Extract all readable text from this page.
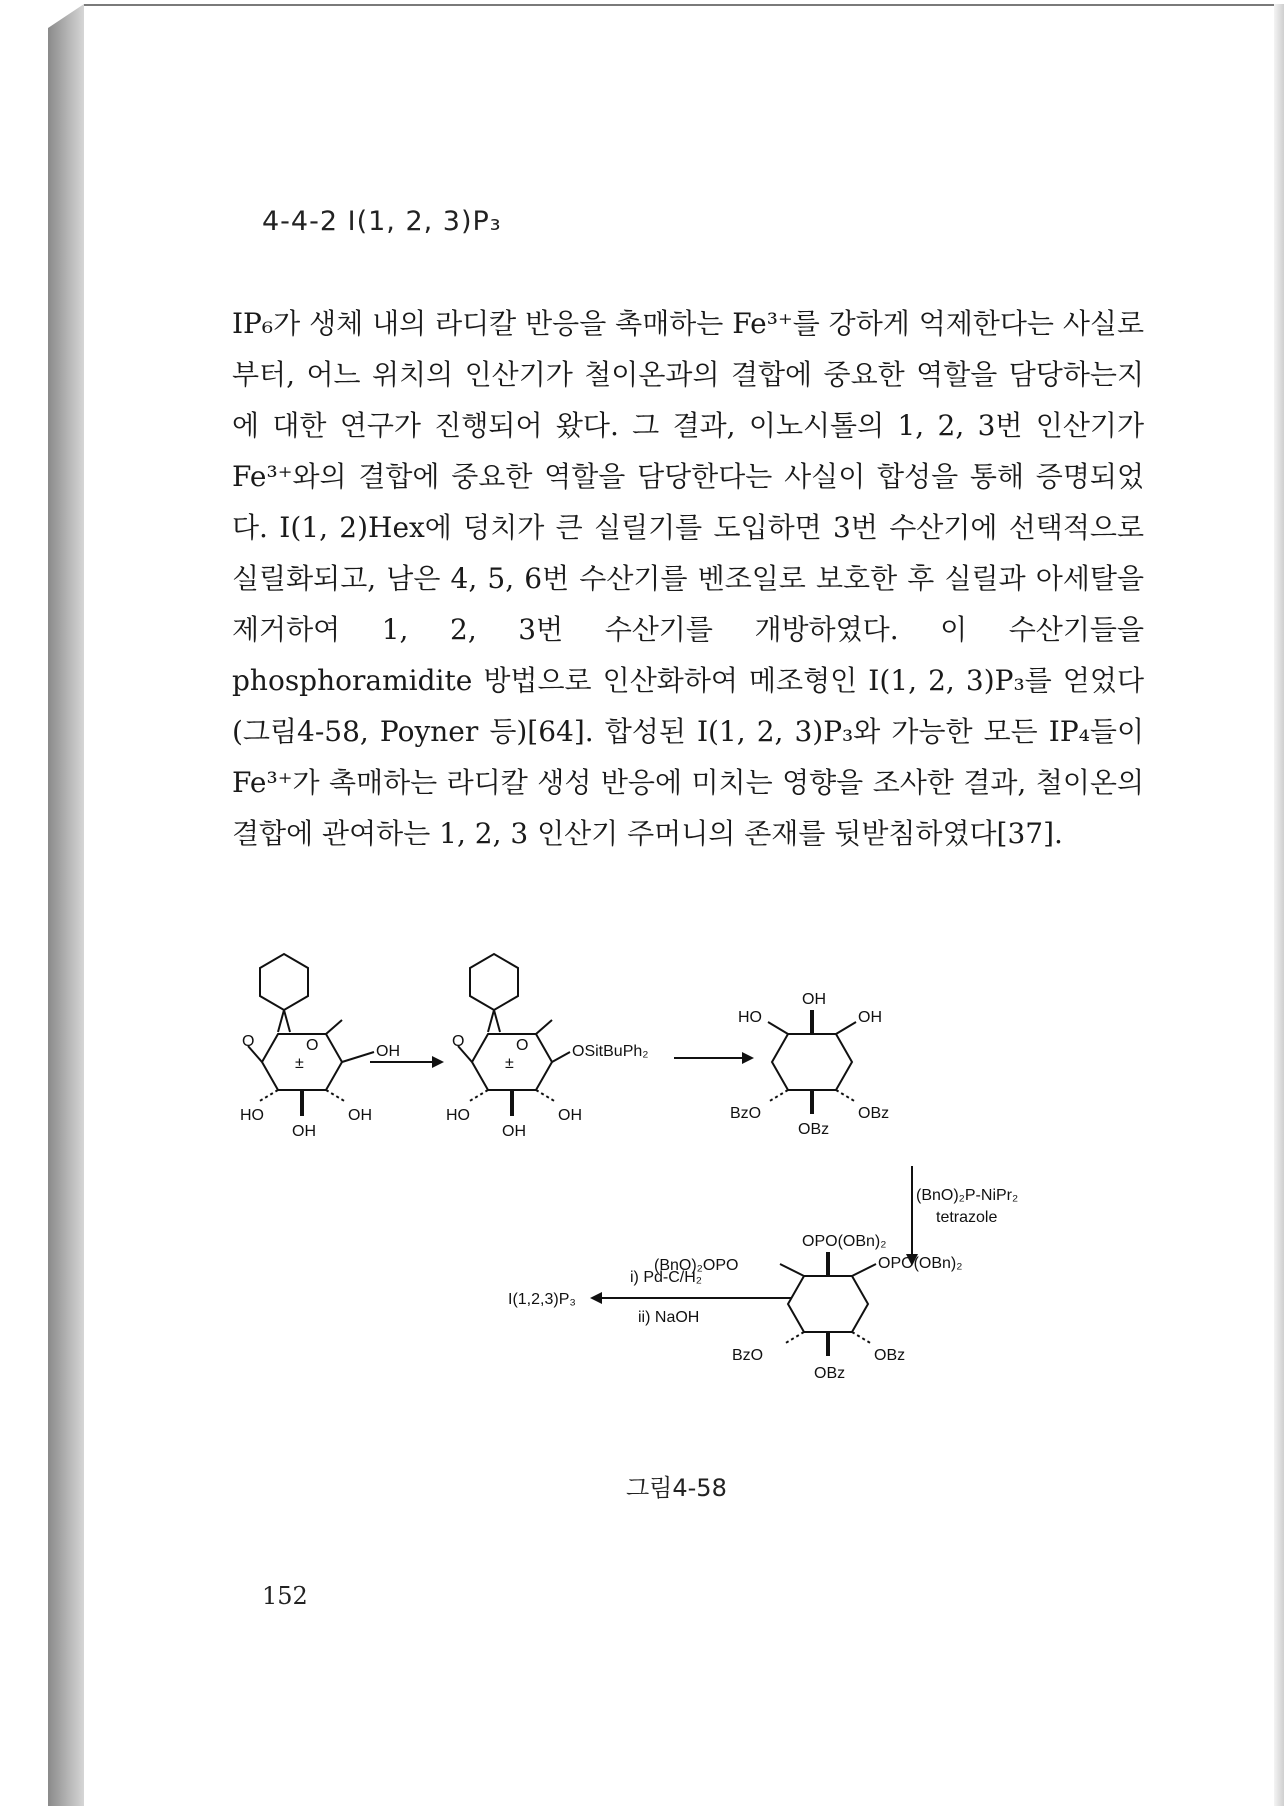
4-4-2 I(1, 2, 3)P₃

IP₆가 생체 내의 라디칼 반응을 촉매하는 Fe³⁺를 강하게 억제한다는 사실로부터, 어느 위치의 인산기가 철이온과의 결합에 중요한 역할을 담당하는지에 대한 연구가 진행되어 왔다. 그 결과, 이노시톨의 1, 2, 3번 인산기가 Fe³⁺와의 결합에 중요한 역할을 담당한다는 사실이 합성을 통해 증명되었다. I(1, 2)Hex에 덩치가 큰 실릴기를 도입하면 3번 수산기에 선택적으로 실릴화되고, 남은 4, 5, 6번 수산기를 벤조일로 보호한 후 실릴과 아세탈을 제거하여 1, 2, 3번 수산기를 개방하였다. 이 수산기들을 phosphoramidite 방법으로 인산화하여 메조형인 I(1, 2, 3)P₃를 얻었다(그림4-58, Poyner 등)[64]. 합성된 I(1, 2, 3)P₃와 가능한 모든 IP₄들이 Fe³⁺가 촉매하는 라디칼 생성 반응에 미치는 영향을 조사한 결과, 철이온의 결합에 관여하는 1, 2, 3 인산기 주머니의 존재를 뒷받침하였다[37].

O
O
OH
±
HO	OH
OH
O
O
OSitBuPh₂
±
HO	OH
OH
OH
HO	OH
BzO	OBz
OBz
(BnO)₂P-NiPr₂
tetrazole
OPO(OBn)₂
(BnO)₂OPO	OPO(OBn)₂
BzO	OBz
OBz
i) Pd-C/H₂
ii) NaOH
I(1,2,3)P₃
그림4-58
152
